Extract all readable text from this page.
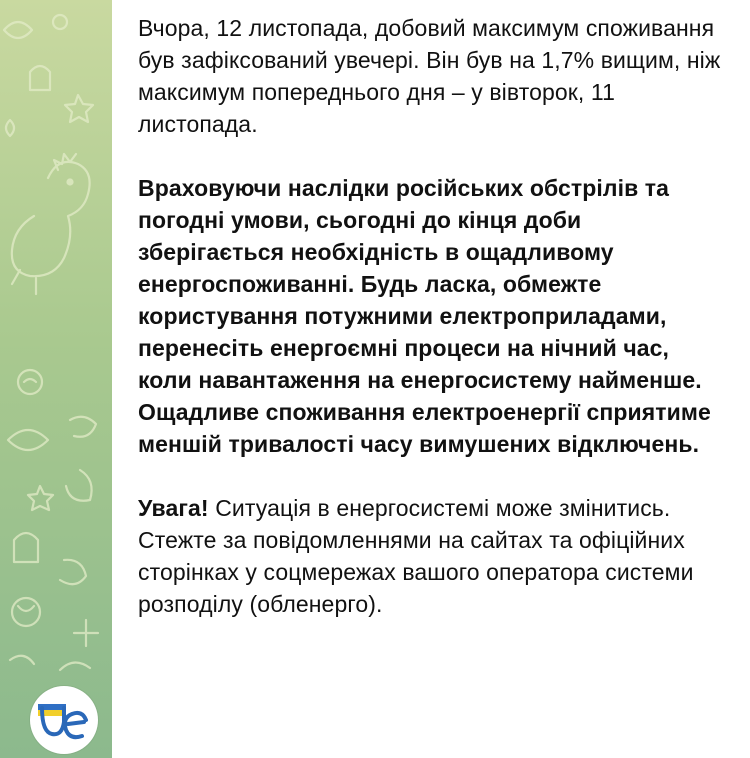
Вчора, 12 листопада, добовий максимум споживання був зафіксований увечері. Він був на 1,7% вищим, ніж максимум попереднього дня – у вівторок, 11 листопада.

Враховуючи наслідки російських обстрілів та погодні умови, сьогодні до кінця доби зберігається необхідність в ощадливому енергоспоживанні. Будь ласка, обмежте користування потужними електроприладами, перенесіть енергоємні процеси на нічний час, коли навантаження на енергосистему найменше. Ощадливе споживання електроенергії сприятиме меншій тривалості часу вимушених відключень.

Увага! Ситуація в енергосистемі може змінитись. Стежте за повідомленнями на сайтах та офіційних сторінках у соцмережах вашого оператора системи розподілу (обленерго).
